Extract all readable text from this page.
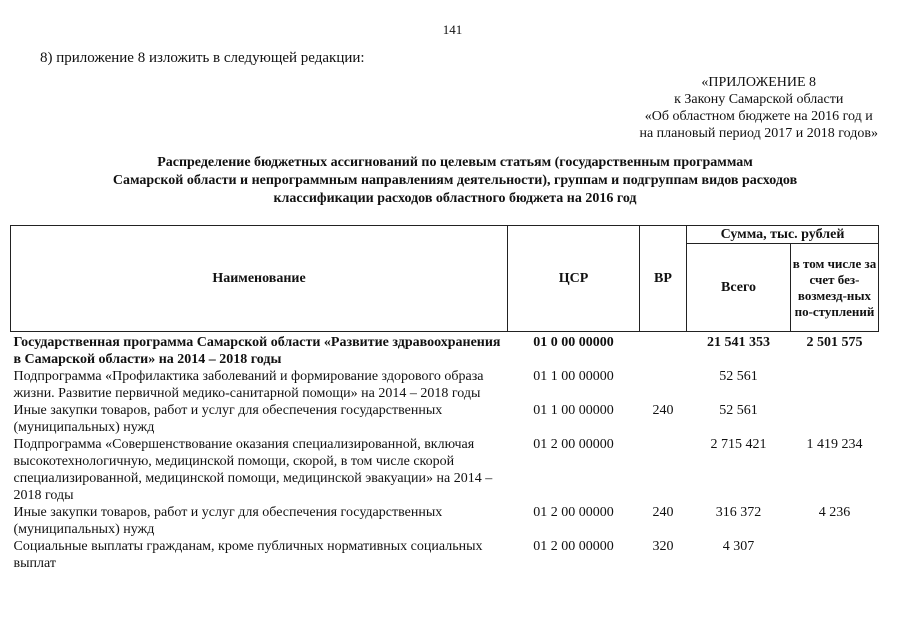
141
8) приложение 8 изложить в следующей редакции:
«ПРИЛОЖЕНИЕ 8
к Закону Самарской области
«Об областном бюджете на 2016 год и
на плановый период 2017 и 2018 годов»
Распределение бюджетных ассигнований по целевым статьям (государственным программам
Самарской области и непрограммным направлениям деятельности), группам и подгруппам видов расходов
классификации расходов областного бюджета на 2016 год
Наименование	ЦСР	ВР	Сумма, тыс. рублей	
			Всего	в том числе за счет без-возмезд-ных по-ступлений
Государственная программа Самарской области «Развитие здравоохранения в Самарской области» на 2014 – 2018 годы	01 0 00 00000		21 541 353	2 501 575
Подпрограмма «Профилактика заболеваний и формирование здорового образа жизни. Развитие первичной медико-санитарной помощи» на 2014 – 2018 годы	01 1 00 00000		52 561	
Иные закупки товаров, работ и услуг для обеспечения государственных (муниципальных) нужд	01 1 00 00000	240	52 561	
Подпрограмма «Совершенствование оказания специализированной, включая высокотехнологичную, медицинской помощи, скорой, в том числе скорой специализированной, медицинской помощи, медицинской эвакуации» на 2014 – 2018 годы	01 2 00 00000		2 715 421	1 419 234
Иные закупки товаров, работ и услуг для обеспечения государственных (муниципальных) нужд	01 2 00 00000	240	316 372	4 236
Социальные выплаты гражданам, кроме публичных нормативных социальных выплат	01 2 00 00000	320	4 307	
